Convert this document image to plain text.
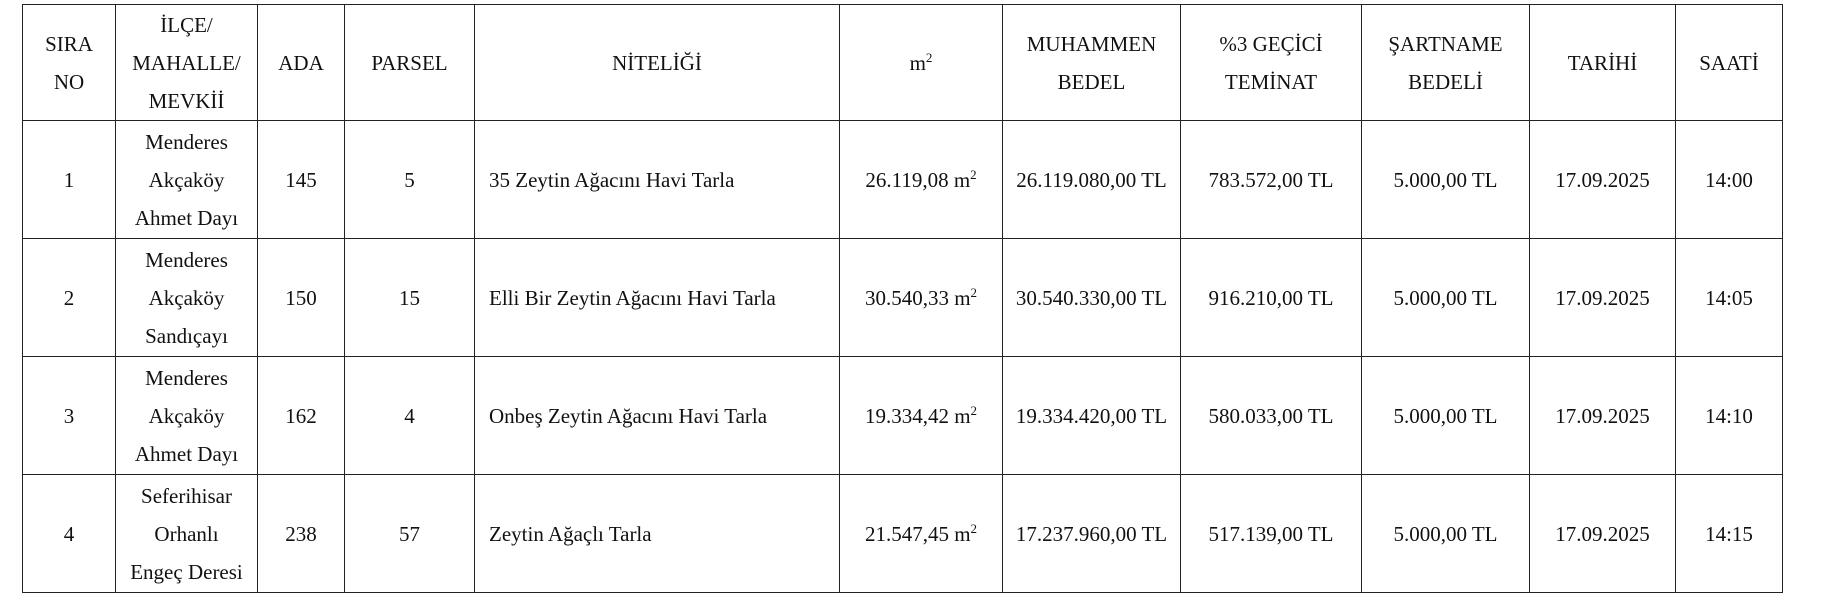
SIRA
NO	İLÇE/
MAHALLE/
MEVKİİ	ADA	PARSEL	NİTELİĞİ	$m^2$	MUHAMMEN
BEDEL	%3 GEÇİCİ
TEMİNAT	ŞARTNAME
BEDELİ	TARİHİ	SAATİ

1	Menderes
Akçaköy
Ahmet Dayı	145	5	35 Zeytin Ağacını Havi Tarla	26.119,08 $m^2$	26.119.080,00 TL	783.572,00 TL	5.000,00 TL	17.09.2025	14:00
2	Menderes
Akçaköy
Sandıçayı	150	15	Elli Bir Zeytin Ağacını Havi Tarla	30.540,33 $m^2$	30.540.330,00 TL	916.210,00 TL	5.000,00 TL	17.09.2025	14:05
3	Menderes
Akçaköy
Ahmet Dayı	162	4	Onbeş Zeytin Ağacını Havi Tarla	19.334,42 $m^2$	19.334.420,00 TL	580.033,00 TL	5.000,00 TL	17.09.2025	14:10
4	Seferihisar
Orhanlı
Engeç Deresi	238	57	Zeytin Ağaçlı Tarla	21.547,45 $m^2$	17.237.960,00 TL	517.139,00 TL	5.000,00 TL	17.09.2025	14:15
